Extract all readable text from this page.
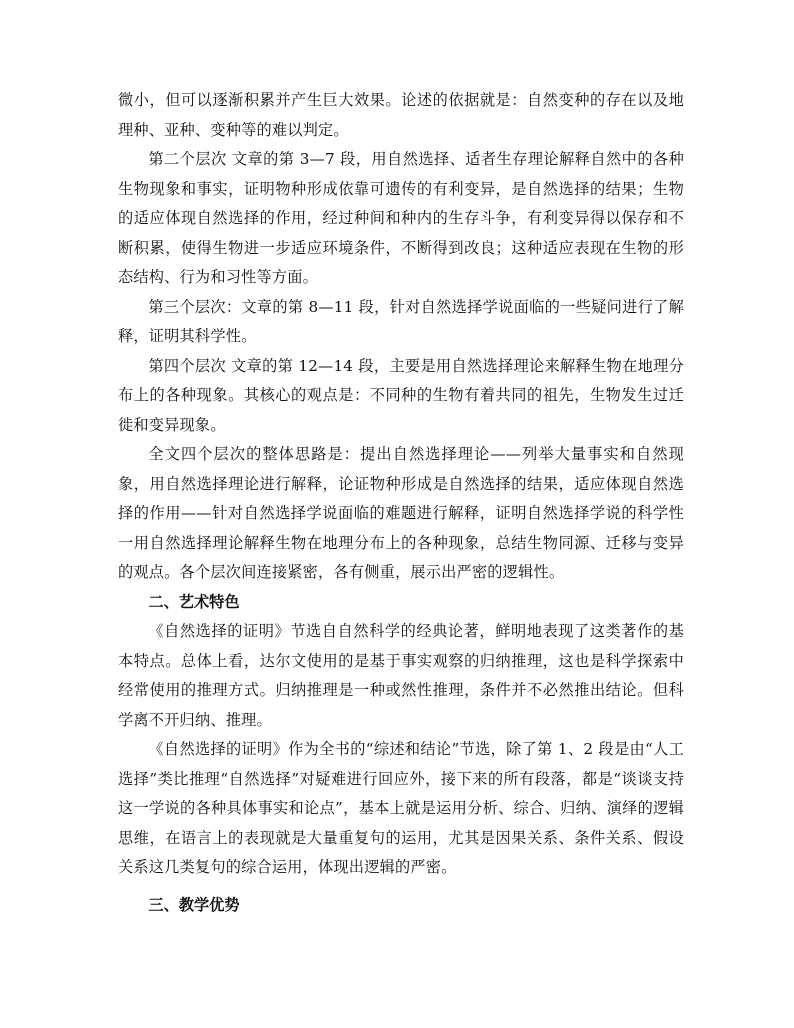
微小，但可以逐渐积累并产生巨大效果。论述的依据就是：自然变种的存在以及地理种、亚种、变种等的难以判定。

第二个层次 文章的第 3—7 段，用自然选择、适者生存理论解释自然中的各种生物现象和事实，证明物种形成依靠可遗传的有利变异，是自然选择的结果；生物的适应体现自然选择的作用，经过种间和种内的生存斗争，有利变异得以保存和不断积累，使得生物进一步适应环境条件，不断得到改良；这种适应表现在生物的形态结构、行为和习性等方面。

第三个层次：文章的第 8—11 段，针对自然选择学说面临的一些疑问进行了解释，证明其科学性。

第四个层次 文章的第 12—14 段，主要是用自然选择理论来解释生物在地理分布上的各种现象。其核心的观点是：不同种的生物有着共同的祖先，生物发生过迁徙和变异现象。

全文四个层次的整体思路是：提出自然选择理论——列举大量事实和自然现象，用自然选择理论进行解释，论证物种形成是自然选择的结果，适应体现自然选择的作用——针对自然选择学说面临的难题进行解释，证明自然选择学说的科学性一用自然选择理论解释生物在地理分布上的各种现象，总结生物同源、迁移与变异的观点。各个层次间连接紧密，各有侧重，展示出严密的逻辑性。

二、艺术特色

《自然选择的证明》节选自自然科学的经典论著，鲜明地表现了这类著作的基本特点。总体上看，达尔文使用的是基于事实观察的归纳推理，这也是科学探索中经常使用的推理方式。归纳推理是一种或然性推理，条件并不必然推出结论。但科学离不开归纳、推理。

《自然选择的证明》作为全书的“综述和结论”节选，除了第 1、2 段是由“人工选择”类比推理“自然选择”对疑难进行回应外，接下来的所有段落，都是“谈谈支持这一学说的各种具体事实和论点”，基本上就是运用分析、综合、归纳、演绎的逻辑思维，在语言上的表现就是大量重复句的运用，尤其是因果关系、条件关系、假设关系这几类复句的综合运用，体现出逻辑的严密。

三、教学优势
